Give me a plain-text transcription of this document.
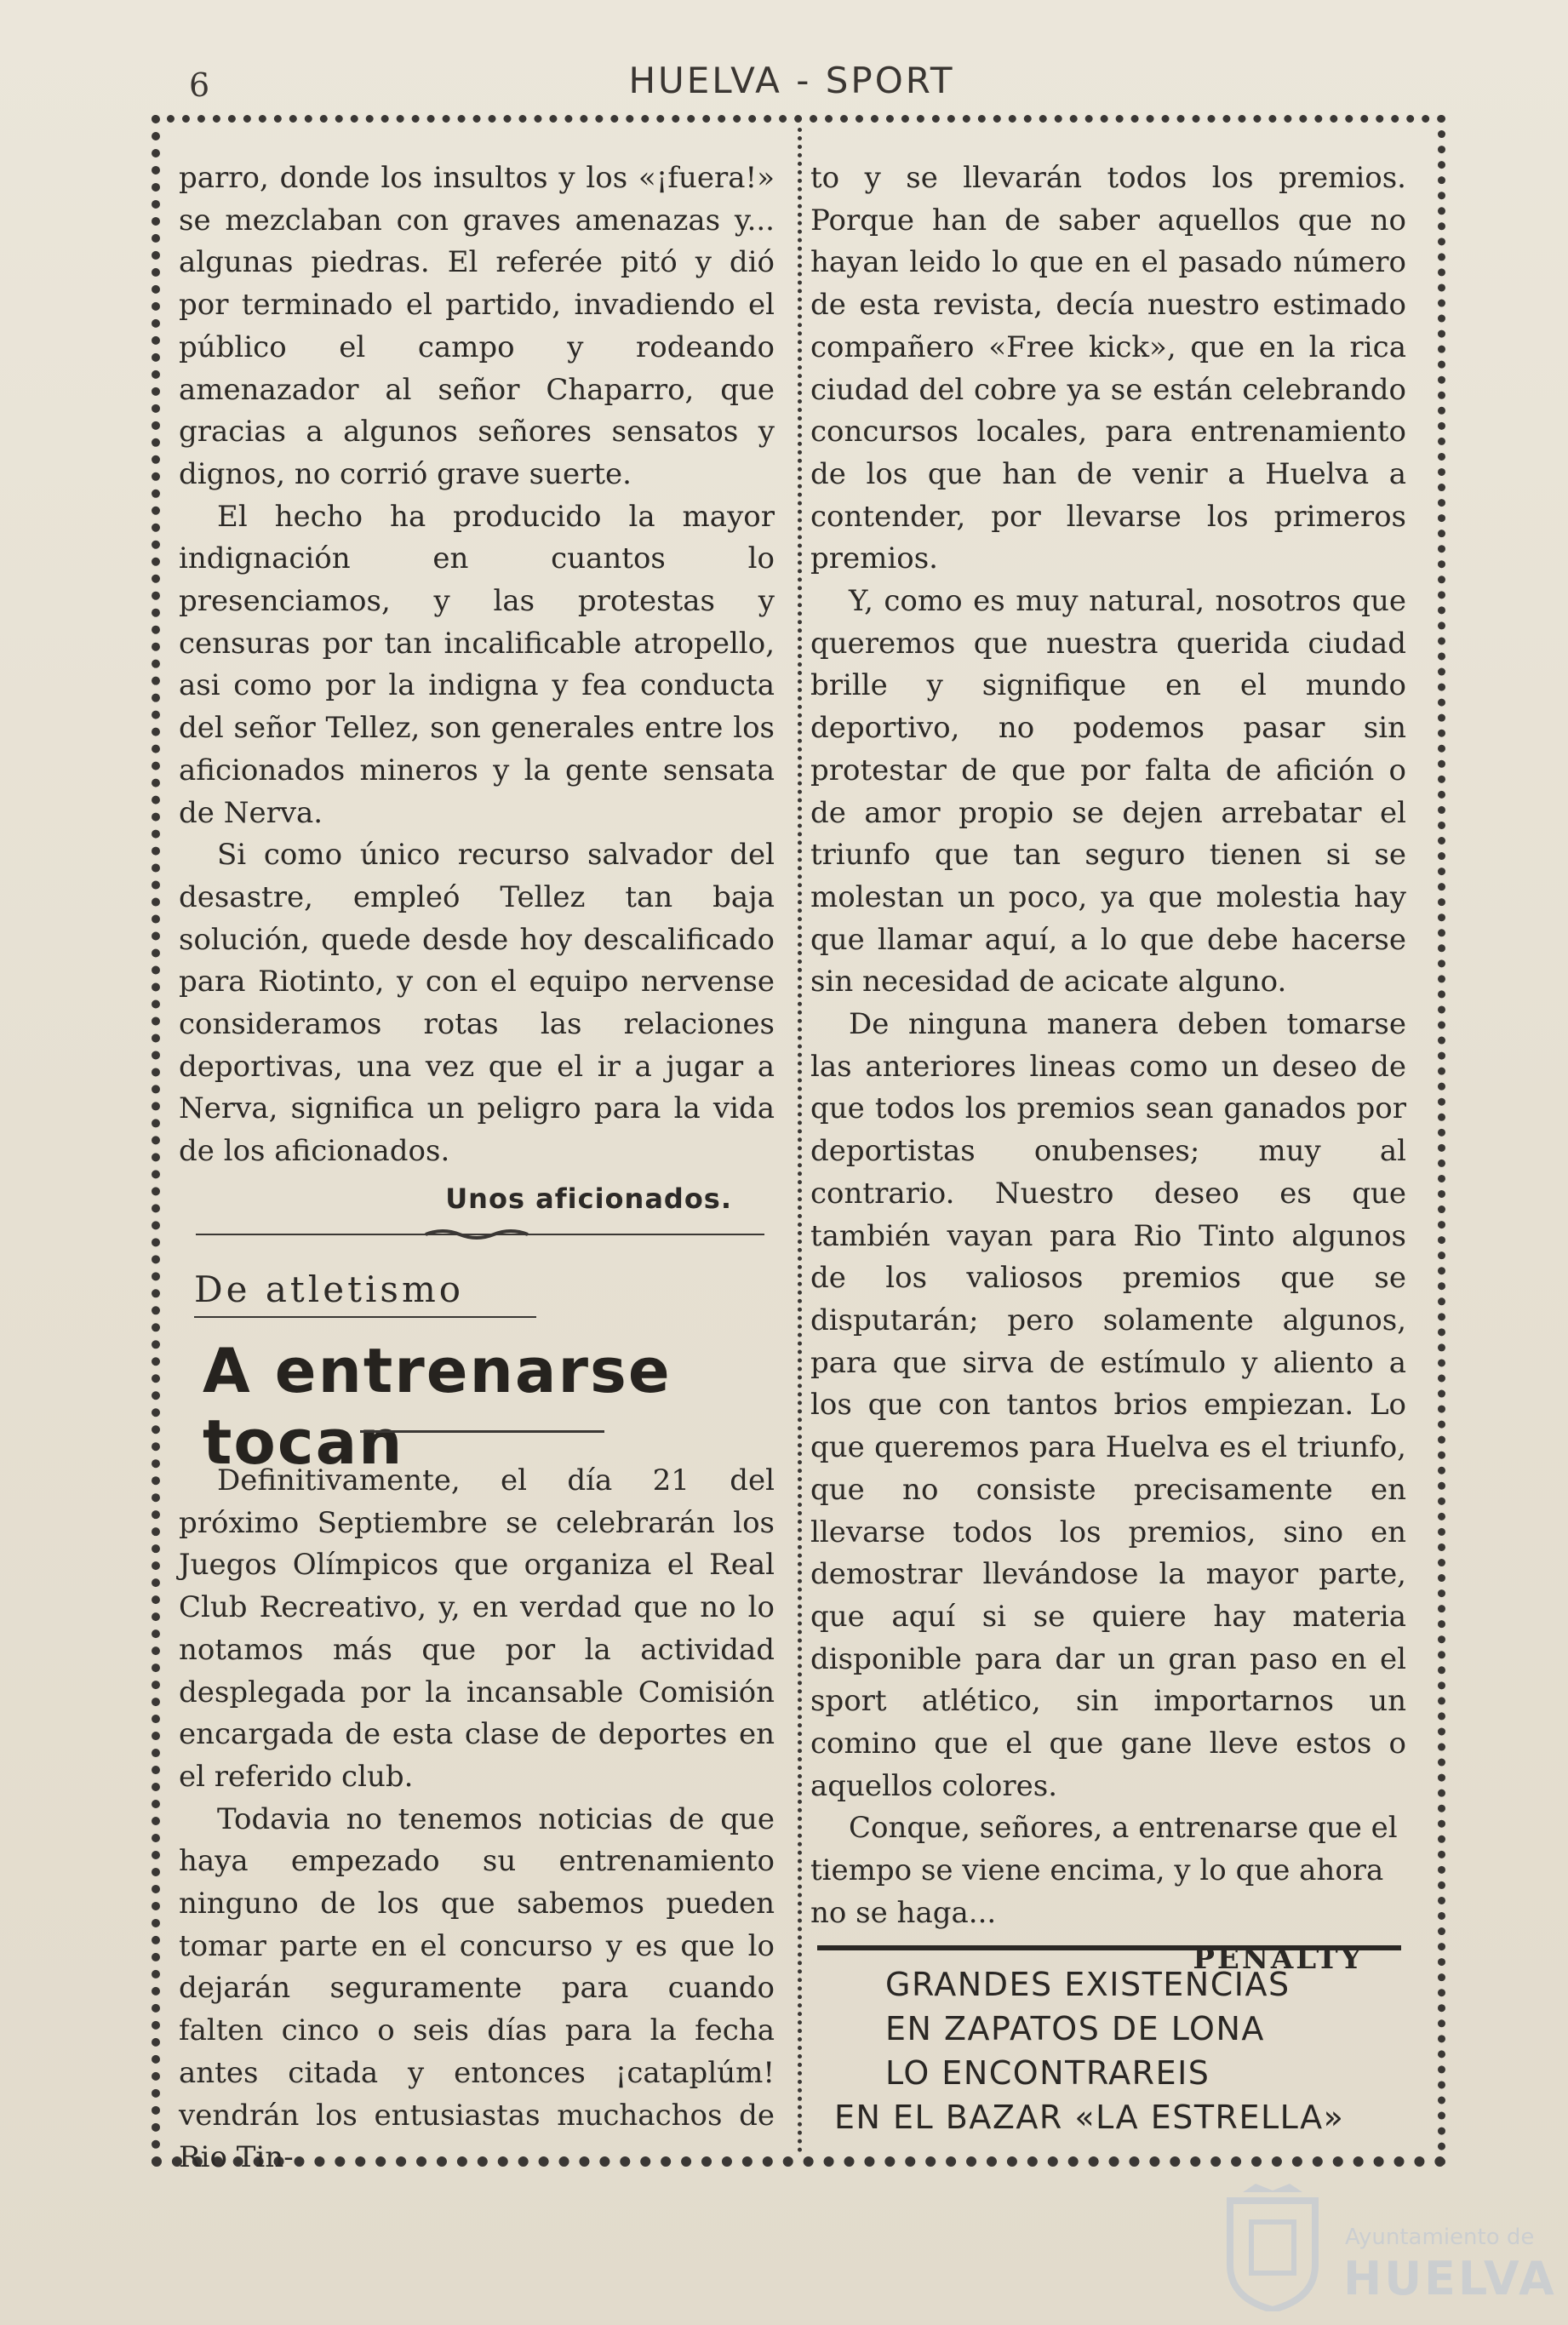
6	HUELVA - SPORT

parro, donde los insultos y los «¡fuera!» se mezclaban con graves amenazas y... algunas piedras. El referée pitó y dió por terminado el partido, invadiendo el público el campo y rodeando amenazador al señor Chaparro, que gracias a algunos señores sensatos y dignos, no corrió grave suerte.

El hecho ha producido la mayor indignación en cuantos lo presenciamos, y las protestas y censuras por tan incalificable atropello, asi como por la indigna y fea conducta del señor Tellez, son generales entre los aficionados mineros y la gente sensata de Nerva.

Si como único recurso salvador del desastre, empleó Tellez tan baja solución, quede desde hoy descalificado para Riotinto, y con el equipo nervense consideramos rotas las relaciones deportivas, una vez que el ir a jugar a Nerva, significa un peligro para la vida de los aficionados.

Unos aficionados.
De atletismo
A entrenarse tocan

Definitivamente, el día 21 del próximo Septiembre se celebrarán los Juegos Olímpicos que organiza el Real Club Recreativo, y, en verdad que no lo notamos más que por la actividad desplegada por la incansable Comisión encargada de esta clase de deportes en el referido club.

Todavia no tenemos noticias de que haya empezado su entrenamiento ninguno de los que sabemos pueden tomar parte en el concurso y es que lo dejarán seguramente para cuando falten cinco o seis días para la fecha antes citada y entonces ¡cataplúm! vendrán los entusiastas muchachos de Rio Tin-

to y se llevarán todos los premios. Porque han de saber aquellos que no hayan leido lo que en el pasado número de esta revista, decía nuestro estimado compañero «Free kick», que en la rica ciudad del cobre ya se están celebrando concursos locales, para entrenamiento de los que han de venir a Huelva a contender, por llevarse los primeros premios.

Y, como es muy natural, nosotros que queremos que nuestra querida ciudad brille y signifique en el mundo deportivo, no podemos pasar sin protestar de que por falta de afición o de amor propio se dejen arrebatar el triunfo que tan seguro tienen si se molestan un poco, ya que molestia hay que llamar aquí, a lo que debe hacerse sin necesidad de acicate alguno.

De ninguna manera deben tomarse las anteriores lineas como un deseo de que todos los premios sean ganados por deportistas onubenses; muy al contrario. Nuestro deseo es que también vayan para Rio Tinto algunos de los valiosos premios que se disputarán; pero solamente algunos, para que sirva de estímulo y aliento a los que con tantos brios empiezan. Lo que queremos para Huelva es el triunfo, que no consiste precisamente en llevarse todos los premios, sino en demostrar llevándose la mayor parte, que aquí si se quiere hay materia disponible para dar un gran paso en el sport atlético, sin importarnos un comino que el que gane lleve estos o aquellos colores.

Conque, señores, a entrenarse que el tiempo se viene encima, y lo que ahora no se haga...

PENALTY
GRANDES EXISTENCIAS
EN ZAPATOS DE LONA
LO ENCONTRAREIS
EN EL BAZAR «LA ESTRELLA»
Ayuntamiento de
HUELVA
